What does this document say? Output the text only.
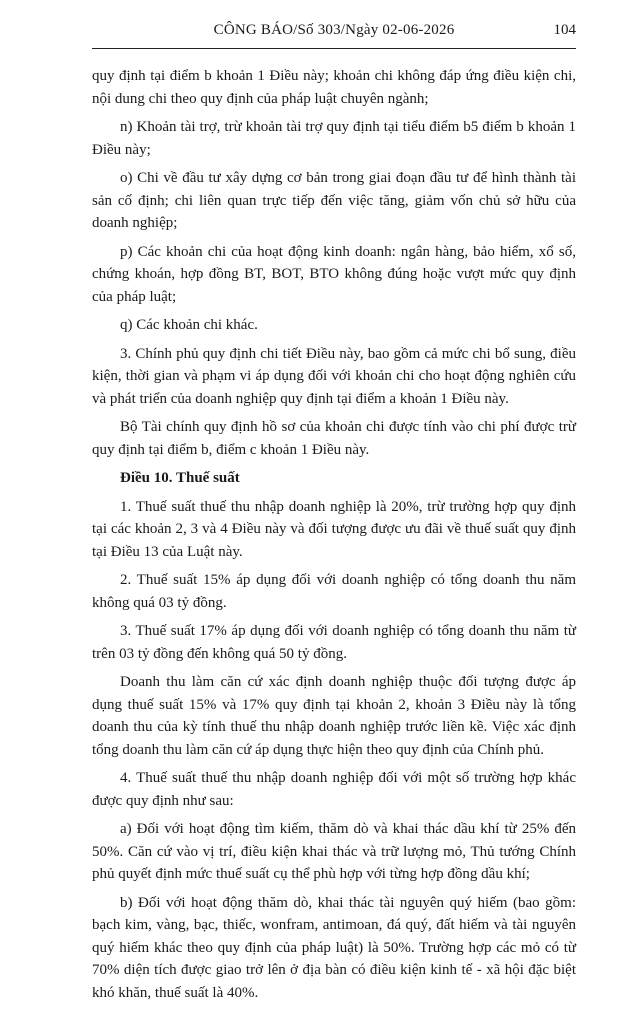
CÔNG BÁO/Số 303/Ngày 02-06-2026	104

quy định tại điểm b khoản 1 Điều này; khoản chi không đáp ứng điều kiện chi, nội dung chi theo quy định của pháp luật chuyên ngành;

n) Khoản tài trợ, trừ khoản tài trợ quy định tại tiểu điểm b5 điểm b khoản 1 Điều này;

o) Chi về đầu tư xây dựng cơ bản trong giai đoạn đầu tư để hình thành tài sản cố định; chi liên quan trực tiếp đến việc tăng, giảm vốn chủ sở hữu của doanh nghiệp;

p) Các khoản chi của hoạt động kinh doanh: ngân hàng, bảo hiểm, xổ số, chứng khoán, hợp đồng BT, BOT, BTO không đúng hoặc vượt mức quy định của pháp luật;

q) Các khoản chi khác.

3. Chính phủ quy định chi tiết Điều này, bao gồm cả mức chi bổ sung, điều kiện, thời gian và phạm vi áp dụng đối với khoản chi cho hoạt động nghiên cứu và phát triển của doanh nghiệp quy định tại điểm a khoản 1 Điều này.

Bộ Tài chính quy định hồ sơ của khoản chi được tính vào chi phí được trừ quy định tại điểm b, điểm c khoản 1 Điều này.

Điều 10. Thuế suất

1. Thuế suất thuế thu nhập doanh nghiệp là 20%, trừ trường hợp quy định tại các khoản 2, 3 và 4 Điều này và đối tượng được ưu đãi về thuế suất quy định tại Điều 13 của Luật này.

2. Thuế suất 15% áp dụng đối với doanh nghiệp có tổng doanh thu năm không quá 03 tỷ đồng.

3. Thuế suất 17% áp dụng đối với doanh nghiệp có tổng doanh thu năm từ trên 03 tỷ đồng đến không quá 50 tỷ đồng.

Doanh thu làm căn cứ xác định doanh nghiệp thuộc đối tượng được áp dụng thuế suất 15% và 17% quy định tại khoản 2, khoản 3 Điều này là tổng doanh thu của kỳ tính thuế thu nhập doanh nghiệp trước liền kề. Việc xác định tổng doanh thu làm căn cứ áp dụng thực hiện theo quy định của Chính phủ.

4. Thuế suất thuế thu nhập doanh nghiệp đối với một số trường hợp khác được quy định như sau:

a) Đối với hoạt động tìm kiếm, thăm dò và khai thác dầu khí từ 25% đến 50%. Căn cứ vào vị trí, điều kiện khai thác và trữ lượng mỏ, Thủ tướng Chính phủ quyết định mức thuế suất cụ thể phù hợp với từng hợp đồng dầu khí;

b) Đối với hoạt động thăm dò, khai thác tài nguyên quý hiếm (bao gồm: bạch kim, vàng, bạc, thiếc, wonfram, antimoan, đá quý, đất hiếm và tài nguyên quý hiếm khác theo quy định của pháp luật) là 50%. Trường hợp các mỏ có từ 70% diện tích được giao trở lên ở địa bàn có điều kiện kinh tế - xã hội đặc biệt khó khăn, thuế suất là 40%.
